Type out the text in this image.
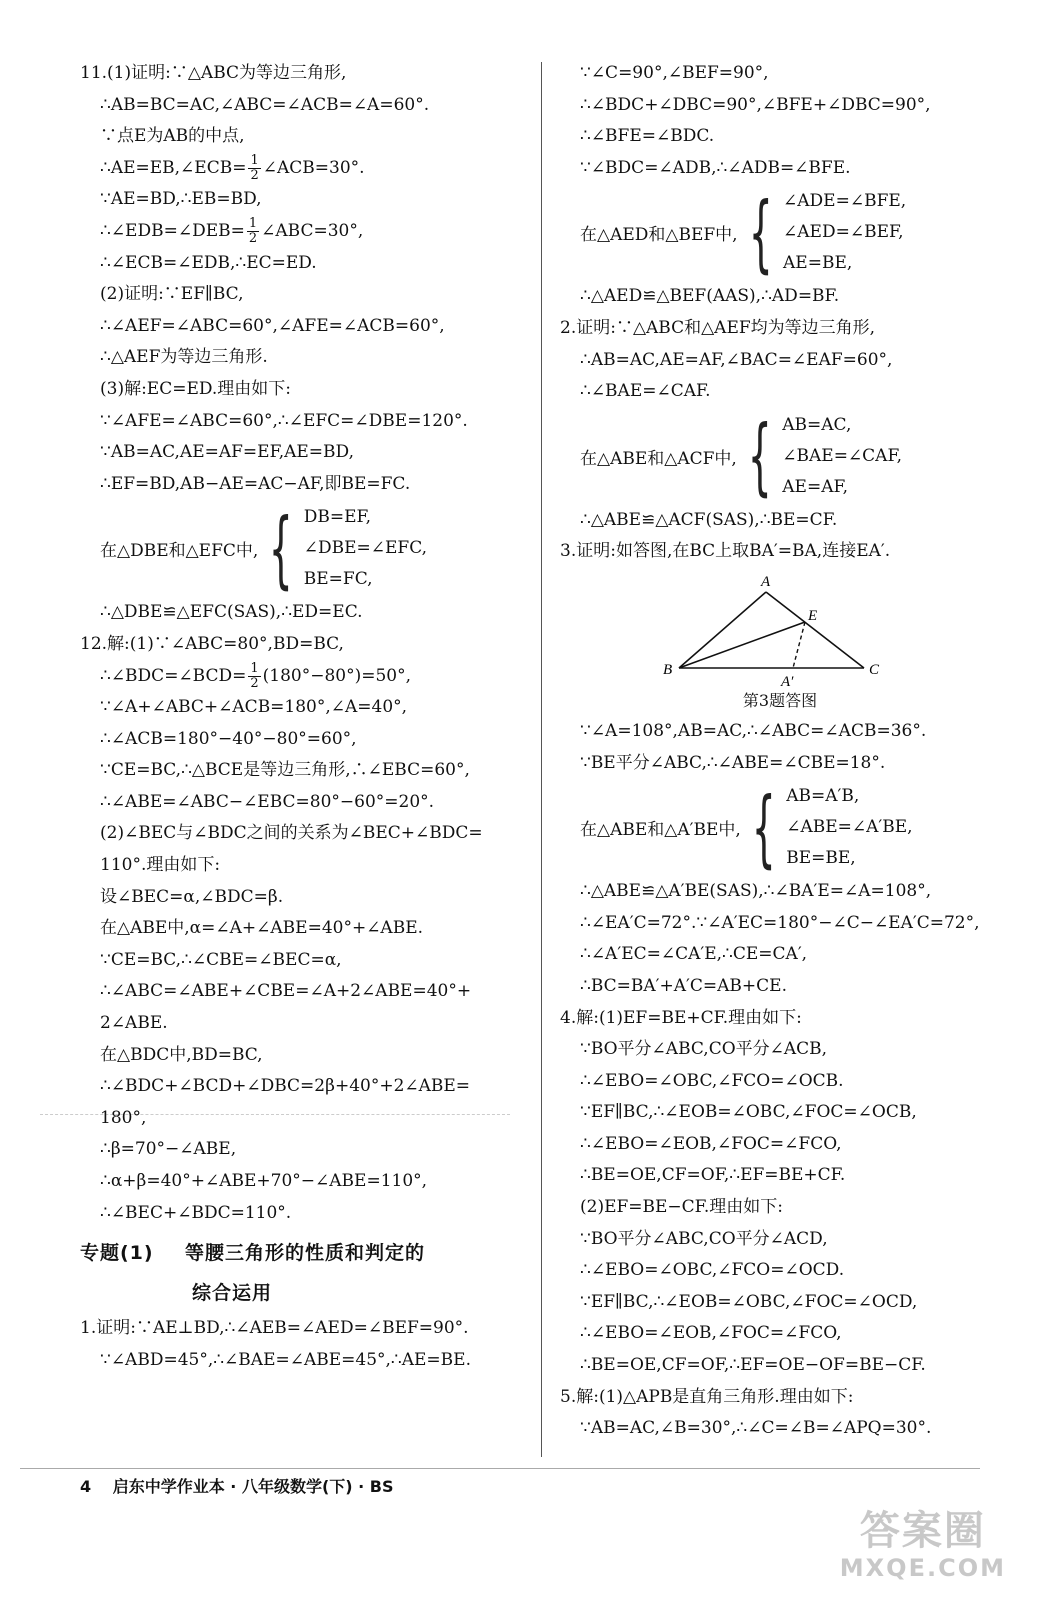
11.(1)证明:∵△ABC为等边三角形,
∴AB=BC=AC,∠ABC=∠ACB=∠A=60°.
∵点E为AB的中点,
∴AE=EB,∠ECB= $\frac{1}{2}$ ∠ACB=30°.
∵AE=BD,∴EB=BD,
∴∠EDB=∠DEB= $\frac{1}{2}$ ∠ABC=30°,
∴∠ECB=∠EDB,∴EC=ED.
(2)证明:∵EF∥BC,
∴∠AEF=∠ABC=60°,∠AFE=∠ACB=60°,
∴△AEF为等边三角形.
(3)解:EC=ED.理由如下:
∵∠AFE=∠ABC=60°,∴∠EFC=∠DBE=120°.
∵AB=AC,AE=AF=EF,AE=BD,
∴EF=BD,AB−AE=AC−AF,即BE=FC.
在△DBE和△EFC中, { DB=EF,
∠DBE=∠EFC,
BE=FC,
∴△DBE≌△EFC(SAS),∴ED=EC.
12.解:(1)∵∠ABC=80°,BD=BC,
∴∠BDC=∠BCD= $\frac{1}{2} (180^\circ-80^\circ)=50^\circ$,
∵∠A+∠ABC+∠ACB=180°,∠A=40°,
∴∠ACB=180°−40°−80°=60°,
∵CE=BC,∴△BCE是等边三角形,∴∠EBC=60°,
∴∠ABE=∠ABC−∠EBC=80°−60°=20°.
(2)∠BEC与∠BDC之间的关系为∠BEC+∠BDC=
110°.理由如下:
设∠BEC=α,∠BDC=β.
在△ABE中,α=∠A+∠ABE=40°+∠ABE.
∵CE=BC,∴∠CBE=∠BEC=α,
∴∠ABC=∠ABE+∠CBE=∠A+2∠ABE=40°+
2∠ABE.
在△BDC中,BD=BC,
∴∠BDC+∠BCD+∠DBC=2β+40°+2∠ABE=
180°,
∴β=70°−∠ABE,
∴α+β=40°+∠ABE+70°−∠ABE=110°,
∴∠BEC+∠BDC=110°.
专题(1) 等腰三角形的性质和判定的
综合运用
1.证明:∵AE⊥BD,∴∠AEB=∠AED=∠BEF=90°.
∵∠ABD=45°,∴∠BAE=∠ABE=45°,∴AE=BE.
∵∠C=90°,∠BEF=90°,
∴∠BDC+∠DBC=90°,∠BFE+∠DBC=90°,
∴∠BFE=∠BDC.
∵∠BDC=∠ADB,∴∠ADB=∠BFE.
在△AED和△BEF中, { ∠ADE=∠BFE,
∠AED=∠BEF,
AE=BE,
∴△AED≌△BEF(AAS),∴AD=BF.
2.证明:∵△ABC和△AEF均为等边三角形,
∴AB=AC,AE=AF,∠BAC=∠EAF=60°,
∴∠BAE=∠CAF.
在△ABE和△ACF中, { AB=AC,
∠BAE=∠CAF,
AE=AF,
∴△ABE≌△ACF(SAS),∴BE=CF.
3.证明:如答图,在BC上取BA′=BA,连接EA′.
A
B	C
E
A′
第3题答图
∵∠A=108°,AB=AC,∴∠ABC=∠ACB=36°.
∵BE平分∠ABC,∴∠ABE=∠CBE=18°.
在△ABE和△A′BE中, { AB=A′B,
∠ABE=∠A′BE,
BE=BE,
∴△ABE≌△A′BE(SAS),∴∠BA′E=∠A=108°,
∴∠EA′C=72°.∵∠A′EC=180°−∠C−∠EA′C=72°,
∴∠A′EC=∠CA′E,∴CE=CA′,
∴BC=BA′+A′C=AB+CE.
4.解:(1)EF=BE+CF.理由如下:
∵BO平分∠ABC,CO平分∠ACB,
∴∠EBO=∠OBC,∠FCO=∠OCB.
∵EF∥BC,∴∠EOB=∠OBC,∠FOC=∠OCB,
∴∠EBO=∠EOB,∠FOC=∠FCO,
∴BE=OE,CF=OF,∴EF=BE+CF.
(2)EF=BE−CF.理由如下:
∵BO平分∠ABC,CO平分∠ACD,
∴∠EBO=∠OBC,∠FCO=∠OCD.
∵EF∥BC,∴∠EOB=∠OBC,∠FOC=∠OCD,
∴∠EBO=∠EOB,∠FOC=∠FCO,
∴BE=OE,CF=OF,∴EF=OE−OF=BE−CF.
5.解:(1)△APB是直角三角形.理由如下:
∵AB=AC,∠B=30°,∴∠C=∠B=∠APQ=30°.
4 启东中学作业本 · 八年级数学(下) · BS
答案圈
MXQE.COM
